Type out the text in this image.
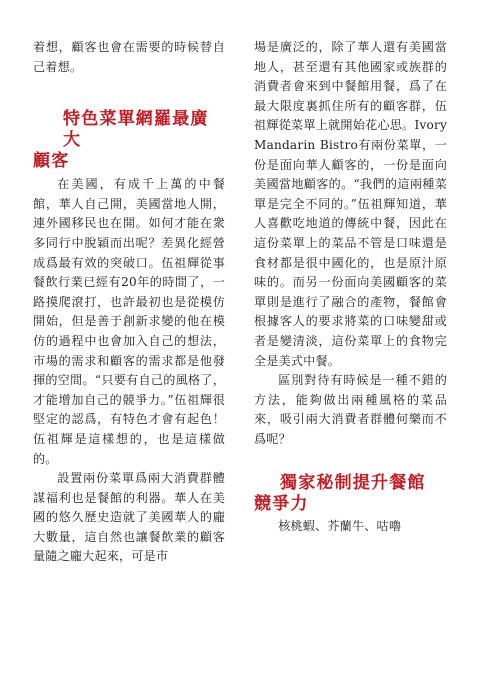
着想，顧客也會在需要的時候替自己着想。

特色菜單網羅最廣大
顧客

在美國，有成千上萬的中餐館，華人自己開，美國當地人開，連外國移民也在開。如何才能在衆多同行中脫穎而出呢？差異化經營成爲最有效的突破口。伍祖輝從事餐飲行業已經有20年的時間了，一路摸爬滾打，也許最初也是從模仿開始，但是善于創新求變的他在模仿的過程中也會加入自己的想法，市場的需求和顧客的需求都是他發揮的空間。“只要有自己的風格了，才能增加自己的競爭力。”伍祖輝很堅定的認爲，有特色才會有起色！伍祖輝是這樣想的，也是這樣做的。

設置兩份菜單爲兩大消費群體謀福利也是餐館的利器。華人在美國的悠久歷史造就了美國華人的龐大數量，這自然也讓餐飲業的顧客量隨之龐大起來，可是市

場是廣泛的，除了華人還有美國當地人，甚至還有其他國家或族群的消費者會來到中餐館用餐，爲了在最大限度裏抓住所有的顧客群，伍祖輝從菜單上就開始花心思。Ivory Mandarin Bistro有兩份菜單，一份是面向華人顧客的，一份是面向美國當地顧客的。“我們的這兩種菜單是完全不同的。”伍祖輝知道，華人喜歡吃地道的傳統中餐，因此在這份菜單上的菜品不管是口味還是食材都是很中國化的，也是原汁原味的。而另一份面向美國顧客的菜單則是進行了融合的產物，餐館會根據客人的要求將菜的口味變甜或者是變清淡，這份菜單上的食物完全是美式中餐。

區別對待有時候是一種不錯的方法，能夠做出兩種風格的菜品來，吸引兩大消費者群體何樂而不爲呢？

獨家秘制提升餐館
競爭力

核桃蝦、芥蘭牛、咕嚕
